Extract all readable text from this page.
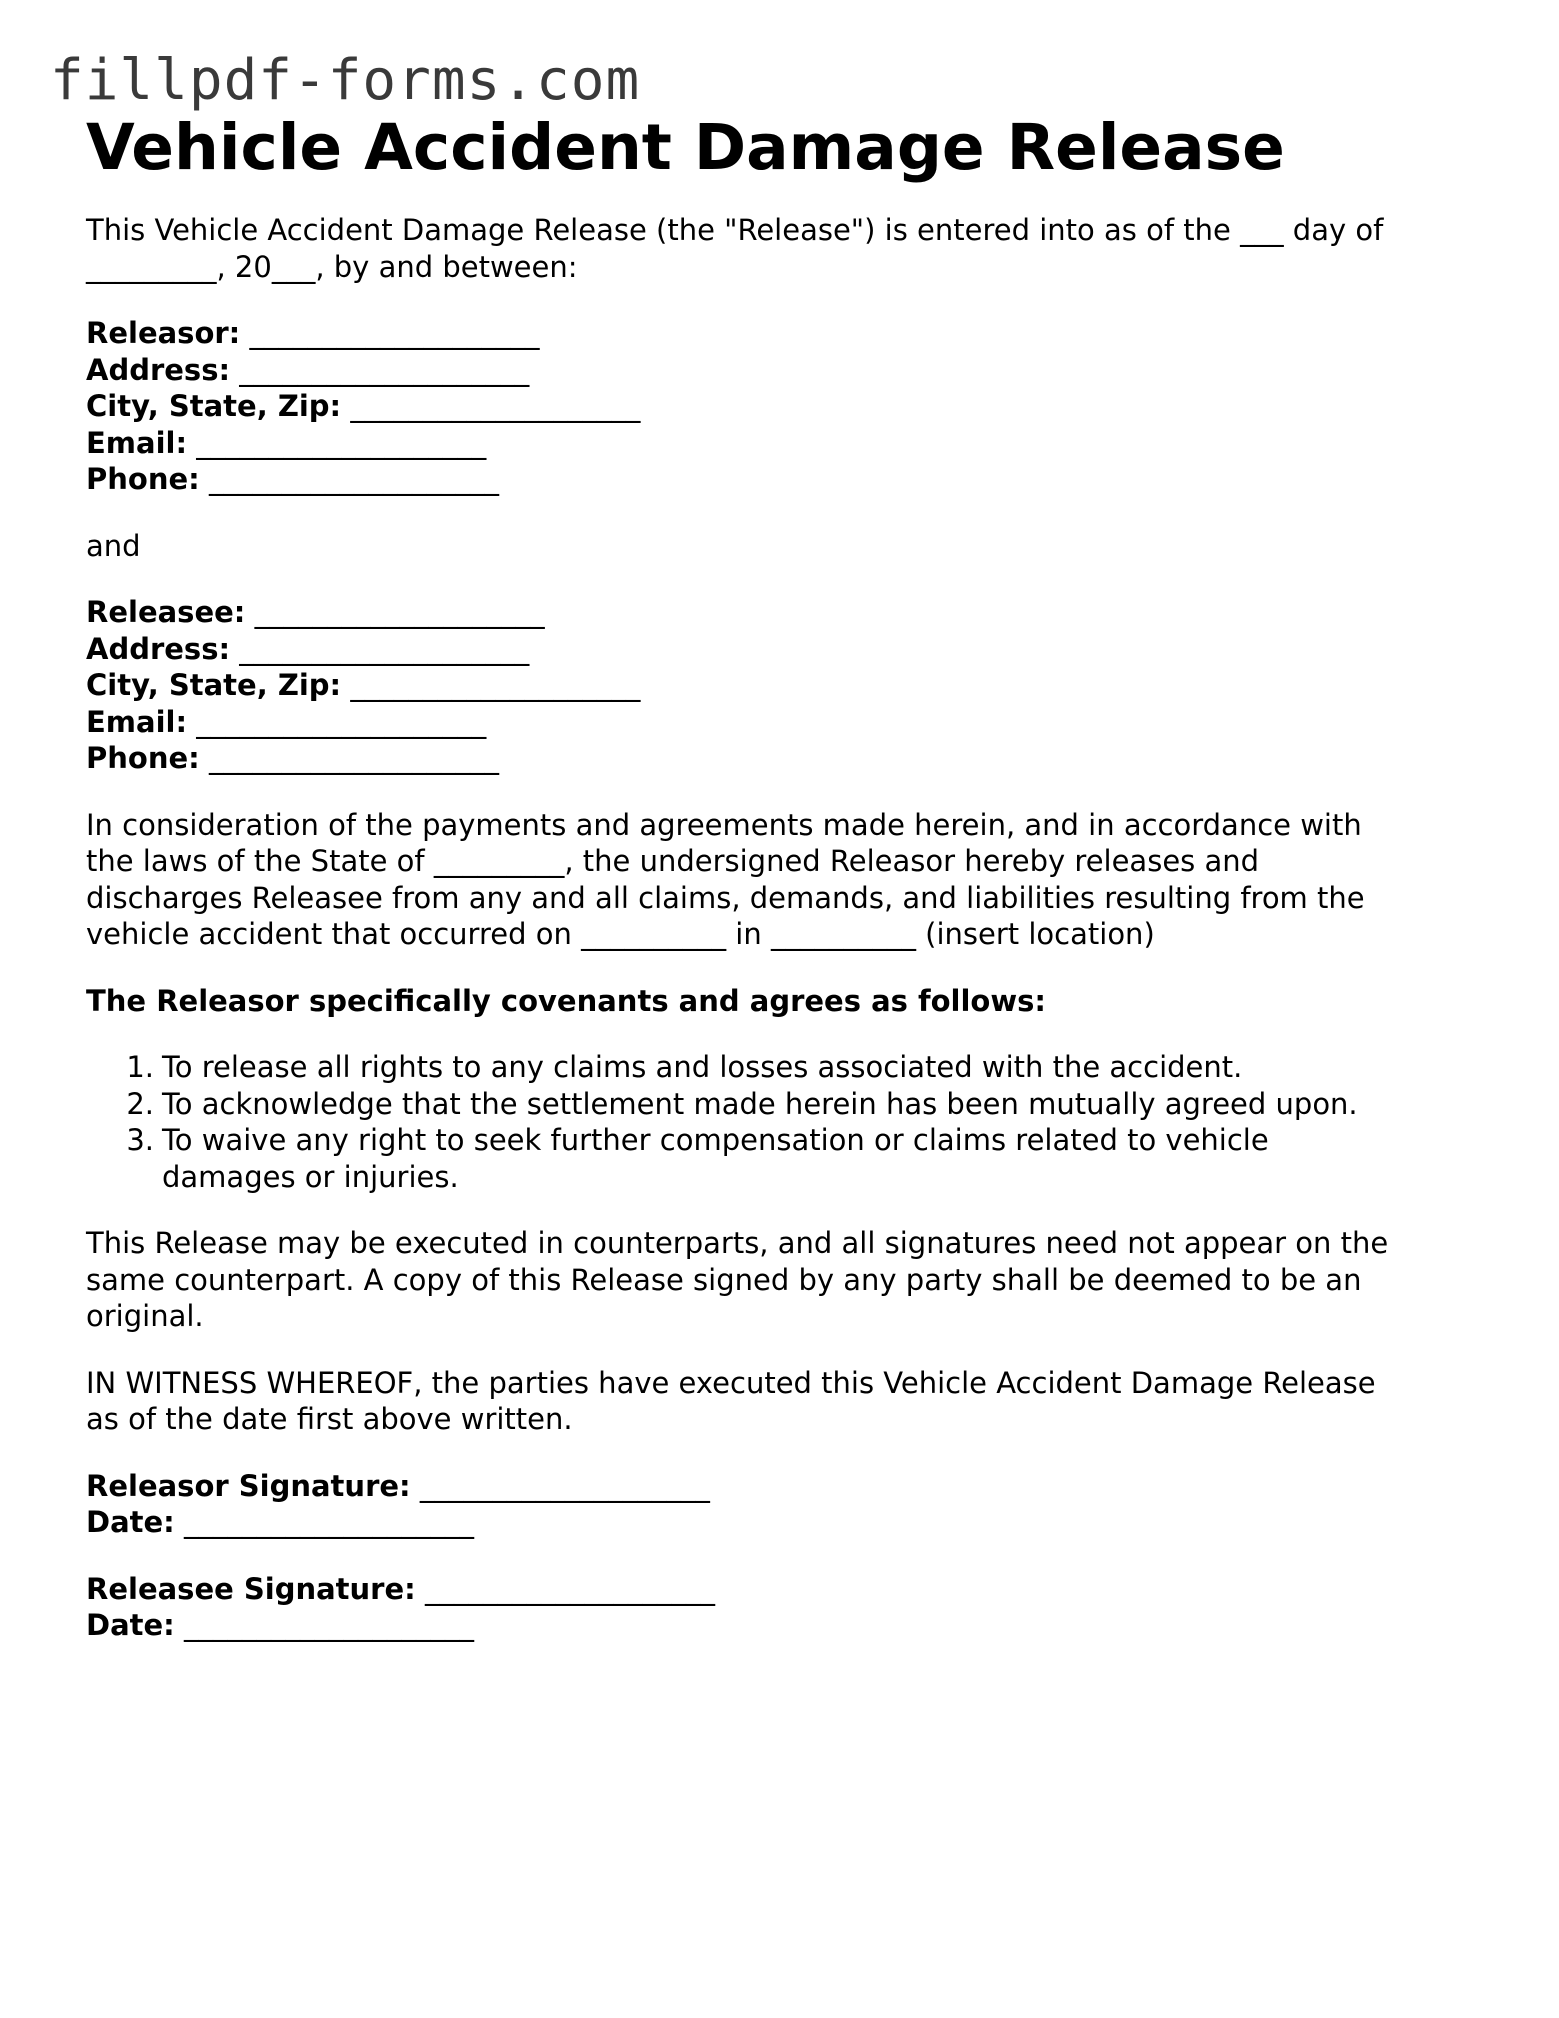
fillpdf-forms.com
Vehicle Accident Damage Release
This Vehicle Accident Damage Release (the "Release") is entered into as of the ___ day of
_________, 20___, by and between:
Releasor: ____________________
Address: ____________________
City, State, Zip: ____________________
Email: ____________________
Phone: ____________________
and
Releasee: ____________________
Address: ____________________
City, State, Zip: ____________________
Email: ____________________
Phone: ____________________
In consideration of the payments and agreements made herein, and in accordance with
the laws of the State of _________, the undersigned Releasor hereby releases and
discharges Releasee from any and all claims, demands, and liabilities resulting from the
vehicle accident that occurred on __________ in __________ (insert location)
The Releasor specifically covenants and agrees as follows:
1. To release all rights to any claims and losses associated with the accident.
2. To acknowledge that the settlement made herein has been mutually agreed upon.
3. To waive any right to seek further compensation or claims related to vehicle
damages or injuries.
This Release may be executed in counterparts, and all signatures need not appear on the
same counterpart. A copy of this Release signed by any party shall be deemed to be an
original.
IN WITNESS WHEREOF, the parties have executed this Vehicle Accident Damage Release
as of the date first above written.
Releasor Signature: ____________________
Date: ____________________
Releasee Signature: ____________________
Date: ____________________
